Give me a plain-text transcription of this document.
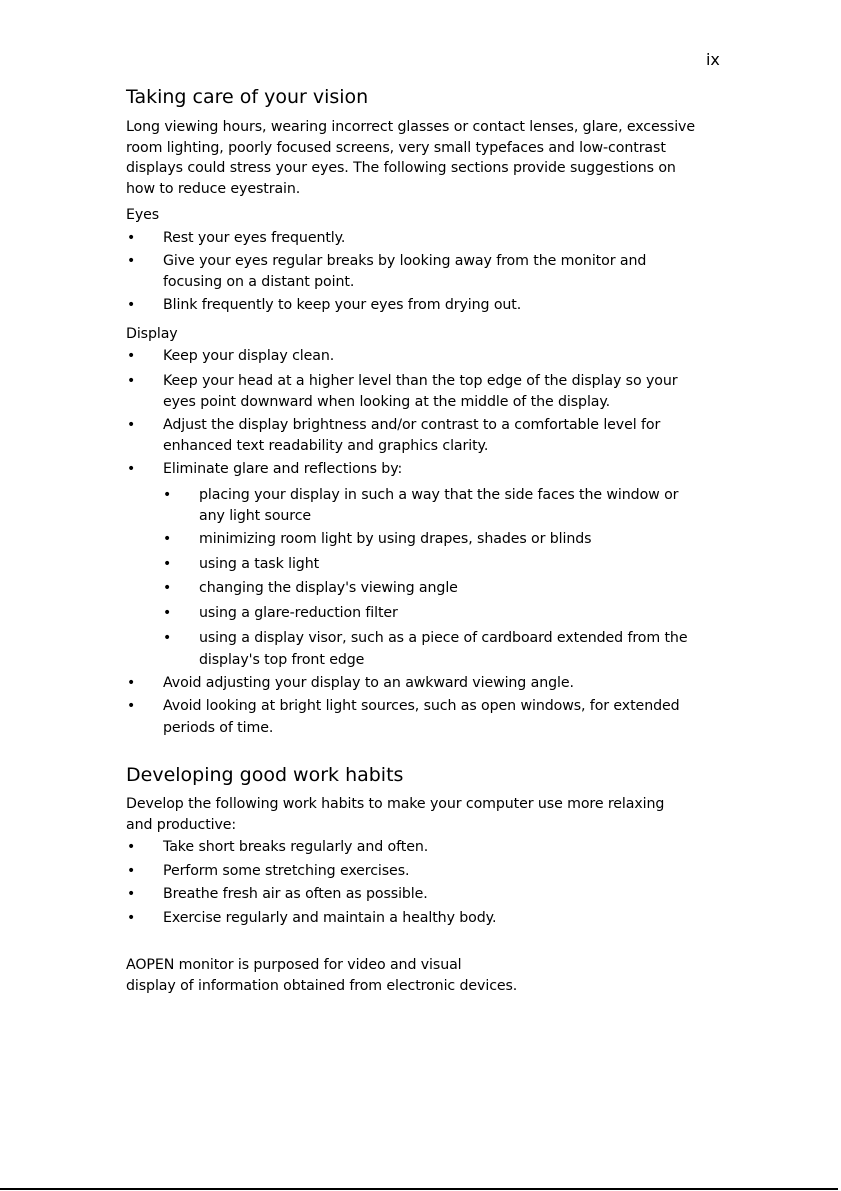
ix
Taking care of your vision
Developing good work habits
Long viewing hours, wearing incorrect glasses or contact lenses, glare, excessive
room lighting, poorly focused screens, very small typefaces and low-contrast
displays could stress your eyes. The following sections provide suggestions on
how to reduce eyestrain.
Eyes
• Rest your eyes frequently.
• Give your eyes regular breaks by looking away from the monitor and
focusing on a distant point.
• Blink frequently to keep your eyes from drying out.
Display
• Keep your display clean.
• Keep your head at a higher level than the top edge of the display so your
eyes point downward when looking at the middle of the display.
• Adjust the display brightness and/or contrast to a comfortable level for
enhanced text readability and graphics clarity.
• Eliminate glare and reflections by:
• placing your display in such a way that the side faces the window or
any light source
• minimizing room light by using drapes, shades or blinds
• using a task light
• changing the display's viewing angle
• using a glare-reduction filter
• using a display visor, such as a piece of cardboard extended from the
display's top front edge
• Avoid adjusting your display to an awkward viewing angle.
• Avoid looking at bright light sources, such as open windows, for extended
periods of time.
Develop the following work habits to make your computer use more relaxing
and productive:
• Take short breaks regularly and often.
• Perform some stretching exercises.
• Breathe fresh air as often as possible.
• Exercise regularly and maintain a healthy body.
AOPEN monitor is purposed for video and visual
display of information obtained from electronic devices.
